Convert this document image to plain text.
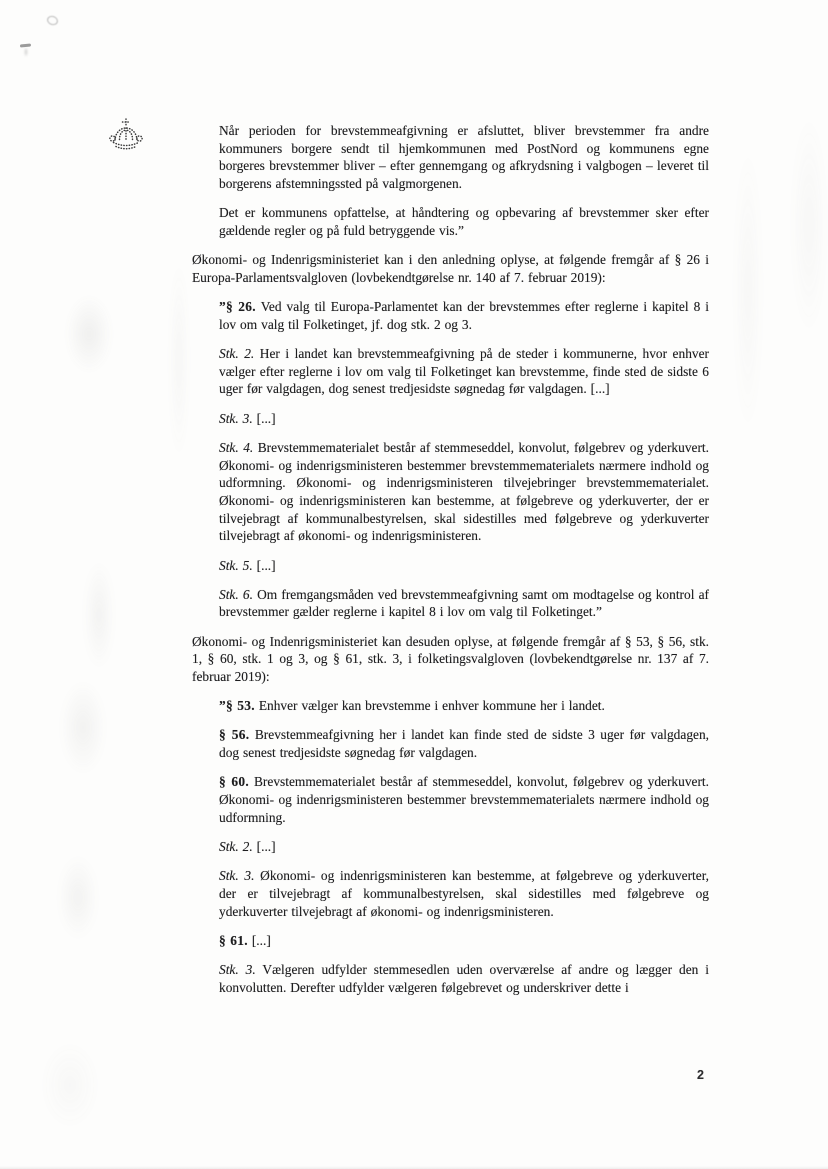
Når perioden for brevstemmeafgivning er afsluttet, bliver brevstemmer fra andre kommuners borgere sendt til hjemkommunen med PostNord og kommunens egne borgeres brevstemmer bliver – efter gennemgang og afkrydsning i valgbogen – leveret til borgerens afstemningssted på valgmorgenen.

Det er kommunens opfattelse, at håndtering og opbevaring af brevstemmer sker efter gældende regler og på fuld betryggende vis.”

Økonomi- og Indenrigsministeriet kan i den anledning oplyse, at følgende fremgår af § 26 i Europa-Parlamentsvalgloven (lovbekendtgørelse nr. 140 af 7. februar 2019):

”§ 26. Ved valg til Europa-Parlamentet kan der brevstemmes efter reglerne i kapitel 8 i lov om valg til Folketinget, jf. dog stk. 2 og 3.

Stk. 2. Her i landet kan brevstemmeafgivning på de steder i kommunerne, hvor enhver vælger efter reglerne i lov om valg til Folketinget kan brevstemme, finde sted de sidste 6 uger før valgdagen, dog senest tredjesidste søgnedag før valgdagen. [...]

Stk. 3. [...]

Stk. 4. Brevstemmematerialet består af stemmeseddel, konvolut, følgebrev og yderkuvert. Økonomi- og indenrigsministeren bestemmer brevstemmematerialets nærmere indhold og udformning. Økonomi- og indenrigsministeren tilvejebringer brevstemmematerialet. Økonomi- og indenrigsministeren kan bestemme, at følgebreve og yderkuverter, der er tilvejebragt af kommunalbestyrelsen, skal sidestilles med følgebreve og yderkuverter tilvejebragt af økonomi- og indenrigsministeren.

Stk. 5. [...]

Stk. 6. Om fremgangsmåden ved brevstemmeafgivning samt om modtagelse og kontrol af brevstemmer gælder reglerne i kapitel 8 i lov om valg til Folketinget.”

Økonomi- og Indenrigsministeriet kan desuden oplyse, at følgende fremgår af § 53, § 56, stk. 1, § 60, stk. 1 og 3, og § 61, stk. 3, i folketingsvalgloven (lovbekendtgørelse nr. 137 af 7. februar 2019):

”§ 53. Enhver vælger kan brevstemme i enhver kommune her i landet.

§ 56. Brevstemmeafgivning her i landet kan finde sted de sidste 3 uger før valgdagen, dog senest tredjesidste søgnedag før valgdagen.

§ 60. Brevstemmematerialet består af stemmeseddel, konvolut, følgebrev og yderkuvert. Økonomi- og indenrigsministeren bestemmer brevstemmematerialets nærmere indhold og udformning.

Stk. 2. [...]

Stk. 3. Økonomi- og indenrigsministeren kan bestemme, at følgebreve og yderkuverter, der er tilvejebragt af kommunalbestyrelsen, skal sidestilles med følgebreve og yderkuverter tilvejebragt af økonomi- og indenrigsministeren.

§ 61. [...]

Stk. 3. Vælgeren udfylder stemmesedlen uden overværelse af andre og lægger den i konvolutten. Derefter udfylder vælgeren følgebrevet og underskriver dette i

2
